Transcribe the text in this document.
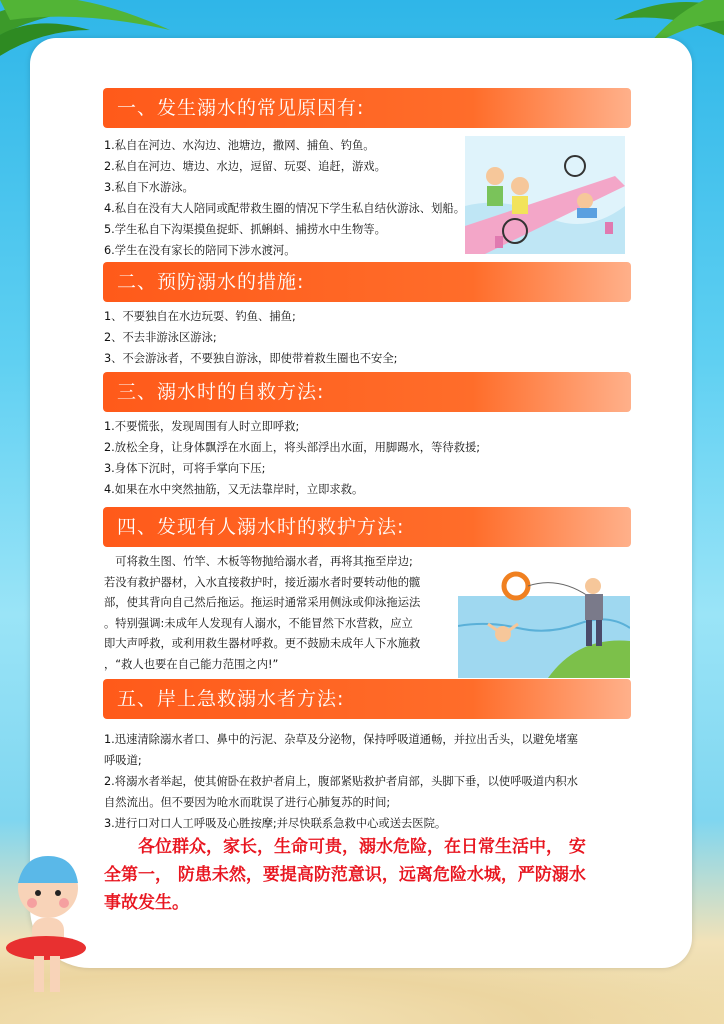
一、发生溺水的常见原因有:
1.私自在河边、水沟边、池塘边，撒网、捕鱼、钓鱼。
2.私自在河边、塘边、水边，逗留、玩耍、追赶，游戏。
3.私自下水游泳。
4.私自在没有大人陪同或配带救生圈的情况下学生私自结伙游泳、划船。
5.学生私自下沟渠摸鱼捉虾、抓蝌蚪、捕捞水中生物等。
6.学生在没有家长的陪同下涉水渡河。
二、预防溺水的措施:
1、不要独自在水边玩耍、钓鱼、捕鱼;
2、不去非游泳区游泳;
3、不会游泳者，不要独自游泳，即使带着救生圈也不安全;
三、溺水时的自救方法:
1.不要慌张，发现周围有人时立即呼救;
2.放松全身，让身体飘浮在水面上，将头部浮出水面，用脚踢水，等待救援;
3.身体下沉时，可将手掌向下压;
4.如果在水中突然抽筋，又无法靠岸时，立即求救。
四、发现有人溺水时的救护方法:
　可将救生图、竹竿、木板等物抛给溺水者，再将其拖至岸边;
若没有救护器材，入水直接救护时，接近溺水者时要转动他的髋
部，使其背向自己然后拖运。拖运时通常采用侧泳或仰泳拖运法
。特别强调:未成年人发现有人溺水，不能冒然下水营救，应立
即大声呼救，或利用救生器材呼救。更不鼓励未成年人下水施救
，“救人也要在自己能力范围之内!”
五、岸上急救溺水者方法:
1.迅速清除溺水者口、鼻中的污泥、杂草及分泌物，保持呼吸道通畅，并拉出舌头，以避免堵塞
呼吸道;
2.将溺水者举起，使其俯卧在救护者肩上，腹部紧贴救护者肩部，头脚下垂，以使呼吸道内积水
自然流出。但不要因为呛水而耽误了进行心肺复苏的时间;
3.进行口对口人工呼吸及心胜按摩;并尽快联系急救中心或送去医院。
　　各位群众，家长，生命可贵，溺水危险，在日常生活中， 安
全第一， 防患未然，要提高防范意识，远离危险水城，严防溺水
事故发生。
